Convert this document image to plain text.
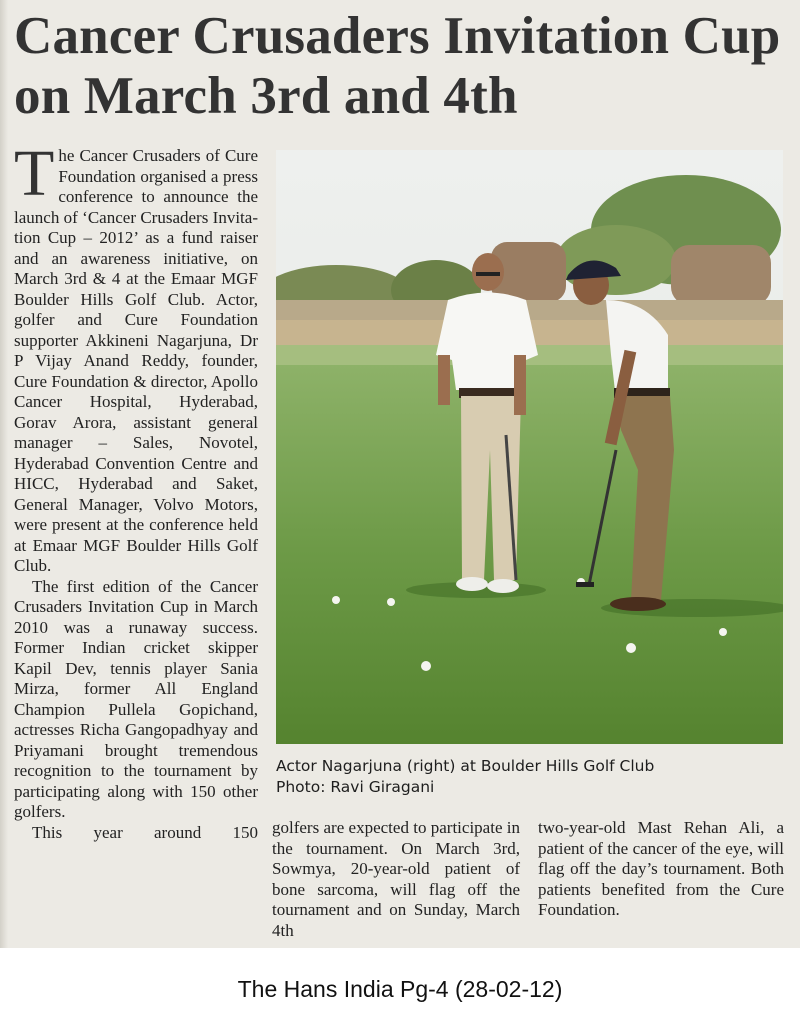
Cancer Crusaders Invitation Cup
on March 3rd and 4th

The Cancer Crusaders of Cure Foundation organised a press conference to announce the launch of ‘Cancer Crusaders Invitation Cup – 2012’ as a fund raiser and an awareness initiative, on March 3rd & 4 at the Emaar MGF Boulder Hills Golf Club. Actor, golfer and Cure Foundation supporter Akkineni Nagarjuna, Dr P Vijay Anand Reddy, founder, Cure Foundation & director, Apollo Cancer Hospital, Hyderabad, Gorav Arora, assistant general manager – Sales, Novotel, Hyderabad Convention Centre and HICC, Hyderabad and Saket, General Manager, Volvo Motors, were present at the conference held at Emaar MGF Boulder Hills Golf Club.

The first edition of the Cancer Crusaders Invitation Cup in March 2010 was a runaway success. Former Indian cricket skipper Kapil Dev, tennis player Sania Mirza, former All England Champion Pullela Gopichand, actresses Richa Gangopadhyay and Priyamani brought tremendous recognition to the tournament by participating along with 150 other golfers.

This year around 150

Actor Nagarjuna (right) at Boulder Hills Golf Club
Photo: Ravi Giragani

golfers are expected to participate in the tournament. On March 3rd, Sowmya, 20-year-old patient of bone sarcoma, will flag off the tournament and on Sunday, March 4th

two-year-old Mast Rehan Ali, a patient of the cancer of the eye, will flag off the day’s tournament. Both patients benefited from the Cure Foundation.

The Hans India Pg-4 (28-02-12)
